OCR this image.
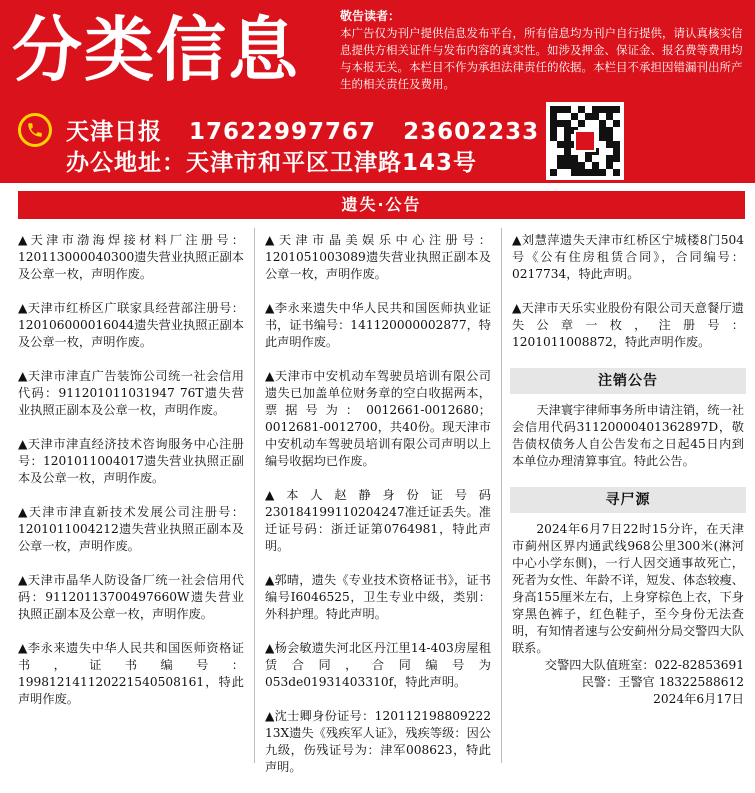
分类信息	敬告读者：
本广告仅为刊户提供信息发布平台，所有信息均为刊户自行提供，请认真核实信息提供方相关证件与发布内容的真实性。如涉及押金、保证金、报名费等费用均与本报无关。本栏目不作为承担法律责任的依据。本栏目不承担因错漏刊出所产生的相关责任及费用。
天津日报 17622997767 23602233
办公地址：天津市和平区卫津路143号
遗失·公告

▲天津市渤海焊接材料厂注册号：120113000040300遗失营业执照正副本及公章一枚，声明作废。

▲天津市红桥区广联家具经营部注册号：120106000016044遗失营业执照正副本及公章一枚，声明作废。

▲天津市津直广告装饰公司统一社会信用代码：911201011031947 76T遗失营业执照正副本及公章一枚，声明作废。

▲天津市津直经济技术咨询服务中心注册号：1201011004017遗失营业执照正副本及公章一枚，声明作废。

▲天津市津直新技术发展公司注册号：1201011004212遗失营业执照正副本及公章一枚，声明作废。

▲天津市晶华人防设备厂统一社会信用代码：91120113700497660W遗失营业执照正副本及公章一枚，声明作废。

▲李永来遗失中华人民共和国医师资格证书，证书编号：199812141120221540508161，特此声明作废。

▲天津市晶美娱乐中心注册号：1201051003089遗失营业执照正副本及公章一枚，声明作废。

▲李永来遗失中华人民共和国医师执业证书，证书编号：141120000002877，特此声明作废。

▲天津市中安机动车驾驶员培训有限公司遗失已加盖单位财务章的空白收据两本，票据号为：0012661-0012680；0012681-0012700，共40份。现天津市中安机动车驾驶员培训有限公司声明以上编号收据均已作废。

▲本人赵静身份证号码230184199110204247准迁证丢失。准迁证号码：浙迁证第0764981，特此声明。

▲郭晴，遗失《专业技术资格证书》，证书编号I6046525，卫生专业中级，类别：外科护理。特此声明。

▲杨会敏遗失河北区丹江里14-403房屋租赁合同，合同编号为053de01931403310f，特此声明。

▲沈士卿身份证号：120112198809222 13X遗失《残疾军人证》，残疾等级：因公九级，伤残证号为：津军008623，特此声明。

▲刘慧萍遗失天津市红桥区宁城楼8门504号《公有住房租赁合同》，合同编号：0217734，特此声明。

▲天津市天乐实业股份有限公司天意餐厅遗失公章一枚，注册号：1201011008872，特此声明作废。

注销公告

天津寰宇律师事务所申请注销，统一社会信用代码31120000401362897D，敬告债权债务人自公告发布之日起45日内到本单位办理清算事宜。特此公告。

寻尸源

2024年6月7日22时15分许，在天津市蓟州区界内通武线968公里300米(淋河中心小学东侧)，一行人因交通事故死亡，死者为女性、年龄不详，短发、体态较瘦、身高155厘米左右，上身穿棕色上衣，下身穿黑色裤子，红色鞋子，至今身份无法查明，有知情者速与公安蓟州分局交警四大队联系。

交警四大队值班室：022-82853691

民警：王警官 18322588612

2024年6月17日
